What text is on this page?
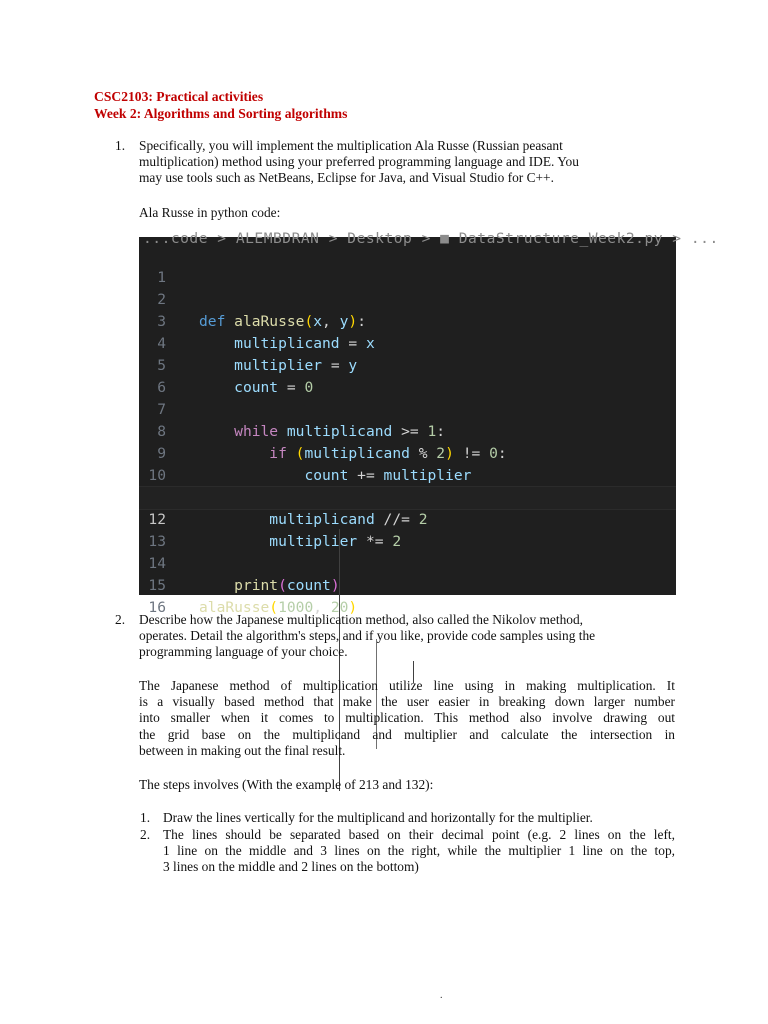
CSC2103: Practical activities
Week 2: Algorithms and Sorting algorithms
1. Specifically, you will implement the multiplication Ala Russe (Russian peasant
multiplication) method using your preferred programming language and IDE. You
may use tools such as NetBeans, Eclipse for Java, and Visual Studio for C++.
Ala Russe in python code:
...code > ALEMBDRAN > Desktop > ■ DataStructure_Week2.py > ...

1

2

def alaRusse(x, y):

3

multiplicand = x

4

multiplier = y

5

count = 0

6

7

while multiplicand >= 1:

8

if (multiplicand % 2) != 0:

9

count += multiplier

10

multiplicand //= 2

12

multiplier *= 2

13

14

print(count)

15

alaRusse(1000, 20)

16

2. Describe how the Japanese multiplication method, also called the Nikolov method,
operates. Detail the algorithm's steps, and if you like, provide code samples using the
programming language of your choice.
The Japanese method of multiplication utilize line using in making multiplication. It
is a visually based method that make the user easier in breaking down larger number
into smaller when it comes to multiplication. This method also involve drawing out
the grid base on the multiplicand and multiplier and calculate the intersection in
between in making out the final result.
The steps involves (With the example of 213 and 132):
1. Draw the lines vertically for the multiplicand and horizontally for the multiplier.
2. The lines should be separated based on their decimal point (e.g. 2 lines on the left,
1 line on the middle and 3 lines on the right, while the multiplier 1 line on the top,
3 lines on the middle and 2 lines on the bottom)
.
